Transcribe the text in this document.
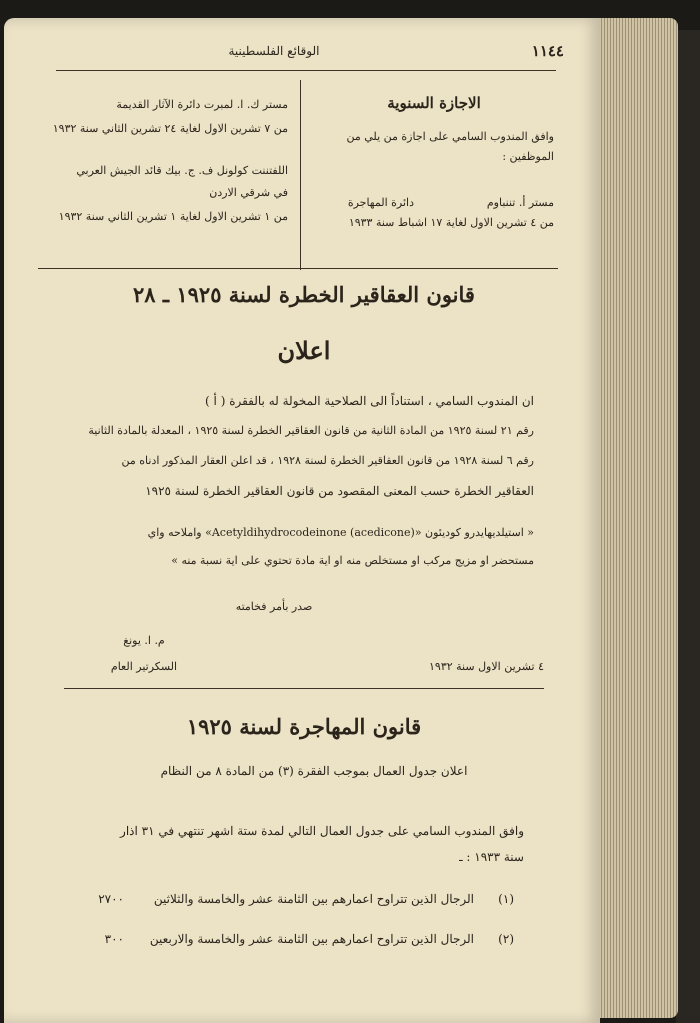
الوقائع الفلسطينية	١١٤٤
الاجازة السنوية
وافق المندوب السامي على اجازة من يلي من
الموظفين :
مستر أ. تننباوم
دائرة المهاجرة
من ٤ تشرين الاول لغاية ١٧ اشباط سنة ١٩٣٣
مستر ك. ا. لمبرت دائرة الآثار القديمة
من ٧ تشرين الاول لغاية ٢٤ تشرين الثاني سنة ١٩٣٢
اللفتننت كولونل ف. ج. بيك قائد الجيش العربي
في شرقي الاردن
من ١ تشرين الاول لغاية ١ تشرين الثاني سنة ١٩٣٢
قانون العقاقير الخطرة لسنة ١٩٢٥ ـ ٢٨
اعلان
ان المندوب السامي ، استناداً الى الصلاحية المخولة له بالفقرة ( أ )
رقم ٢١ لسنة ١٩٢٥ من المادة الثانية من قانون العقاقير الخطرة لسنة ١٩٢٥ ، المعدلة بالمادة الثانية
رقم ٦ لسنة ١٩٢٨ من قانون العقاقير الخطرة لسنة ١٩٢٨ ، قد اعلن العقار المذكور ادناه من
العقاقير الخطرة حسب المعنى المقصود من قانون العقاقير الخطرة لسنة ١٩٢٥
« استيلديهايدرو كوديئون «Acetyldihydrocodeinone (acedicone)» واملاحه واي
مستحضر او مزيج مركب او مستخلص منه او اية مادة تحتوي على اية نسبة منه »
صدر بأمر فخامته
م. ا. يونغ
السكرتير العام	٤ تشرين الاول سنة ١٩٣٢
قانون المهاجرة لسنة ١٩٢٥
اعلان جدول العمال بموجب الفقرة (٣) من المادة ٨ من النظام
وافق المندوب السامي على جدول العمال التالي لمدة ستة اشهر تنتهي في ٣١ اذار
سنة ١٩٣٣ : ـ
(١)
الرجال الذين تتراوح اعمارهم بين الثامنة عشر والخامسة والثلاثين
٢٧٠٠
(٢)
الرجال الذين تتراوح اعمارهم بين الثامنة عشر والخامسة والاربعين
٣٠٠
